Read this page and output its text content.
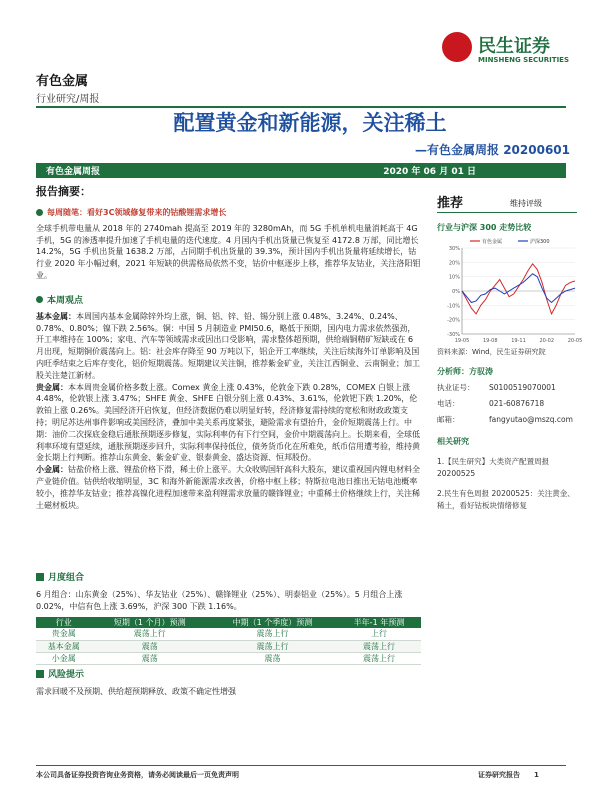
民生证券
MINSHENG SECURITIES
有色金属
行业研究/周报
配置黄金和新能源，关注稀土
—有色金属周报 20200601
有色金属周报	2020 年 06 月 01 日
报告摘要：
每周随笔：看好3C领域修复带来的钴酸锂需求增长
全球手机带电量从 2018 年的 2740mah 提高至 2019 年的 3280mAh，而 5G 手机单机电量消耗高于 4G 手机，5G 的渗透率提升加速了手机电量的迭代速度。4 月国内手机出货量已恢复至 4172.8 万部，同比增长 14.2%，5G 手机出货量 1638.2 万部，占同期手机出货量的 39.3%，预计国内手机出货量将延续增长，钴行业 2020 年小幅过剩，2021 年短缺的供需格局依然不变，钴价中枢逐步上移，推荐华友钴业，关注洛阳钼业。
本周观点
基本金属：本周国内基本金属除锌外均上涨，铜、铝、锌、铅、锡分别上涨 0.48%、3.24%、0.24%、0.78%、0.80%；镍下跌 2.56%。铜：中国 5 月制造业 PMI50.6，略低于预期，国内电力需求依然强劲，开工率维持在 100%；家电、汽车等领域需求或因出口受影响，需求整体超预期，供给端铜精矿短缺或在 6 月出现，短期铜价震荡向上。铝：社会库存降至 90 万吨以下，铝企开工率继续，关注后续海外订单影响及国内旺季结束之后库存变化，铝价短期震荡。短期建议关注铜，推荐紫金矿业，关注江西铜业、云南铜业；加工股关注楚江新材。
贵金属：本本周贵金属价格多数上涨。Comex 黄金上涨 0.43%，伦敦金下跌 0.28%，COMEX 白银上涨 4.48%，伦敦银上涨 3.47%；SHFE 黄金、SHFE 白银分别上涨 0.43%、3.61%，伦敦钯下跌 1.20%，伦敦铂上涨 0.26%。美国经济开启恢复，但经济数据仍难以明显好转，经济修复需持续的宽松和财政政策支持；明尼苏达州事件影响或美国经济，叠加中美关系再度紧张，避险需求有望抬升，金价短期震荡上行。中期：油价二次探底金稳后通胀预期逐步修复，实际利率仍有下行空间，金价中期震荡向上。长期来看，全球低利率环境有望延续，通胀预期逐步回升，实际利率保持低位，债务货币化在所难免，纸币信用遭考验，维持黄金长期上行判断。推荐山东黄金、紫金矿业、银泰黄金、盛达资源、恒邦股份。
小金属：钴盐价格上涨、锂盐价格下滑，稀土价上涨平。大众收购国轩高科大股东，建议重视国内锂电材料全产业链价值。钴供给收缩明显，3C 和海外新能源需求改善，价格中枢上移；特斯拉电池日推出无钴电池概率较小，推荐华友钴业；推荐高镍化进程加速带来盈利锂需求放量的赣锋锂业；中重稀土价格继续上行，关注稀土磁材板块。
月度组合
6 月组合：山东黄金（25%）、华友钴业（25%）、赣锋锂业（25%）、明泰铝业（25%）。5 月组合上涨 0.02%，中信有色上涨 3.69%，沪深 300 下跌 1.16%。
行业	短期（1 个月）预测	中期（1 个季度）预测	半年-1 年预测
贵金属	震荡上行	震荡上行	上行
基本金属	震荡	震荡上行	震荡上行
小金属	震荡	震荡	震荡上行
风险提示
需求回暖不及预期、供给超预期释放、政策不确定性增强
推荐	维持评级
行业与沪深 300 走势比较
30%
20%
10%
0%
-10%
-20%
-30%
19-05	19-08	19-11	20-02	20-05
有色金属	沪深300
资料来源：Wind，民生证券研究院
分析师：方驭涛
执业证号： S0100519070001
电话：	021-60876718
邮箱：	fangyutao@mszq.com
相关研究
1.【民生研究】大类资产配置周报 20200525
2.民生有色周报 20200525：关注黄金、稀土，看好钴板块情绪修复
本公司具备证券投资咨询业务资格，请务必阅读最后一页免责声明	证券研究报告　　1
